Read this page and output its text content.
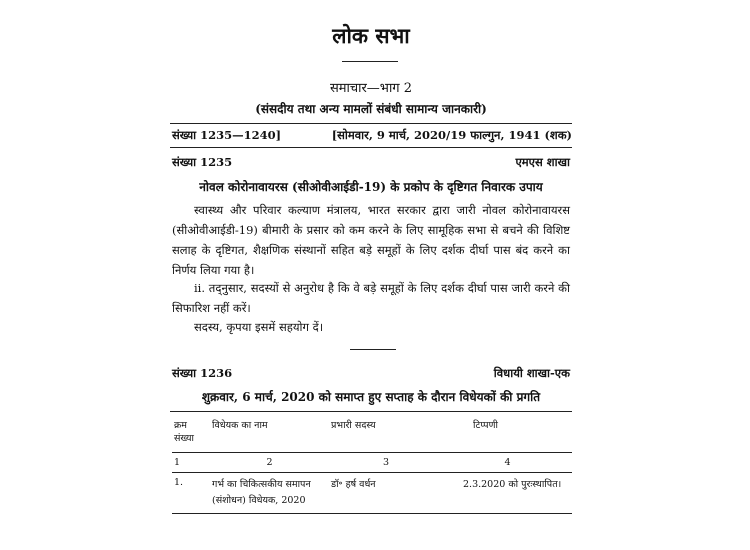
लोक सभा
समाचार—भाग 2
(संसदीय तथा अन्य मामलों संबंधी सामान्य जानकारी)
संख्या 1235—1240]	[सोमवार, 9 मार्च, 2020/19 फाल्गुन, 1941 (शक)
संख्या 1235	एमएस शाखा
नोवल कोरोनावायरस (सीओवीआईडी-19) के प्रकोप के दृष्टिगत निवारक उपाय
स्वास्थ्य और परिवार कल्याण मंत्रालय, भारत सरकार द्वारा जारी नोवल कोरोनावायरस (सीओवीआईडी-19) बीमारी के प्रसार को कम करने के लिए सामूहिक सभा से बचने की विशिष्ट सलाह के दृष्टिगत, शैक्षणिक संस्थानों सहित बड़े समूहों के लिए दर्शक दीर्घा पास बंद करने का निर्णय लिया गया है।
ii. तद्नुसार, सदस्यों से अनुरोध है कि वे बड़े समूहों के लिए दर्शक दीर्घा पास जारी करने की सिफारिश नहीं करें।
सदस्य, कृपया इसमें सहयोग दें।
संख्या 1236	विधायी शाखा-एक
शुक्रवार, 6 मार्च, 2020 को समाप्त हुए सप्ताह के दौरान विधेयकों की प्रगति
क्रम संख्या	विधेयक का नाम	प्रभारी सदस्य	टिप्पणी
1	2	3	4
1.	गर्भ का चिकित्सकीय समापन (संशोधन) विधेयक, 2020	डॉ॰ हर्ष वर्धन	2.3.2020 को पुरःस्थापित।
